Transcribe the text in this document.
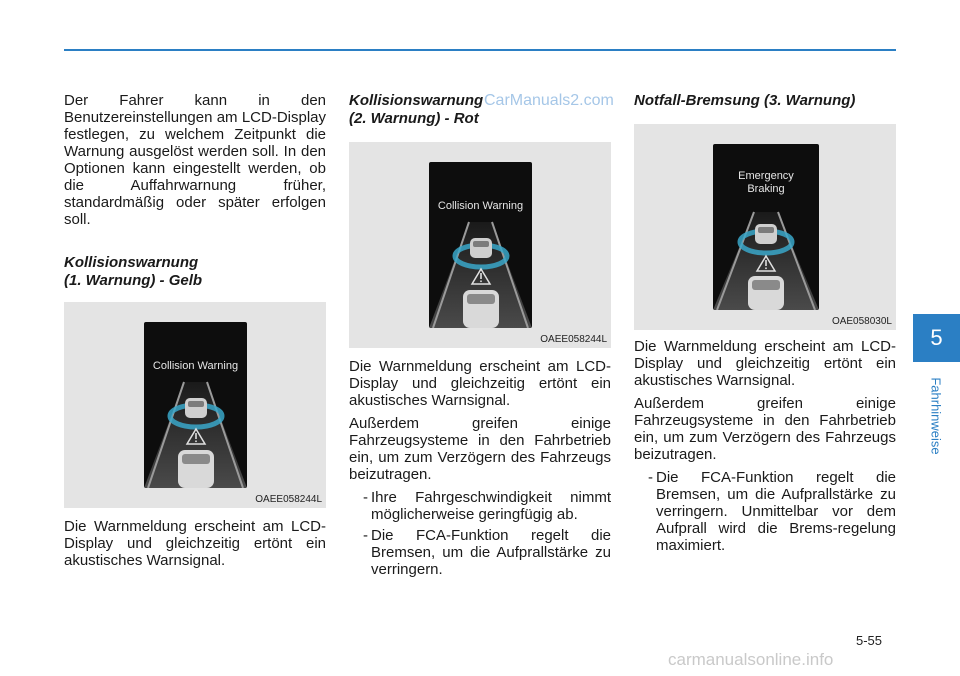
Der Fahrer kann in den Benutzereinstellungen am LCD-Display festlegen, zu welchem Zeitpunkt die Warnung ausgelöst werden soll. In den Optionen kann eingestellt werden, ob die Auffahrwarnung früher, standardmäßig oder später erfolgen soll.

Kollisionswarnung
(1. Warnung) - Gelb
Collision Warning
OAEE058244L

Die Warnmeldung erscheint am LCD-Display und gleichzeitig ertönt ein akustisches Warnsignal.

Kollisionswarnung
(2. Warnung) - Rot
Collision Warning
OAEE058244L

Die Warnmeldung erscheint am LCD-Display und gleichzeitig ertönt ein akustisches Warnsignal.

Außerdem greifen einige Fahrzeugsysteme in den Fahrbetrieb ein, um zum Verzögern des Fahrzeugs beizutragen.

- Ihre Fahrgeschwindigkeit nimmt möglicherweise geringfügig ab.
- Die FCA-Funktion regelt die Bremsen, um die Aufprallstärke zu verringern.
Notfall-Bremsung (3. Warnung)
Emergency
Braking
OAE058030L

Die Warnmeldung erscheint am LCD-Display und gleichzeitig ertönt ein akustisches Warnsignal.

Außerdem greifen einige Fahrzeugsysteme in den Fahrbetrieb ein, um zum Verzögern des Fahrzeugs beizutragen.

- Die FCA-Funktion regelt die Bremsen, um die Aufprallstärke zu verringern. Unmittelbar vor dem Aufprall wird die Brems-regelung maximiert.
5
Fahrhinweise
5-55
CarManuals2.com
carmanualsonline.info
